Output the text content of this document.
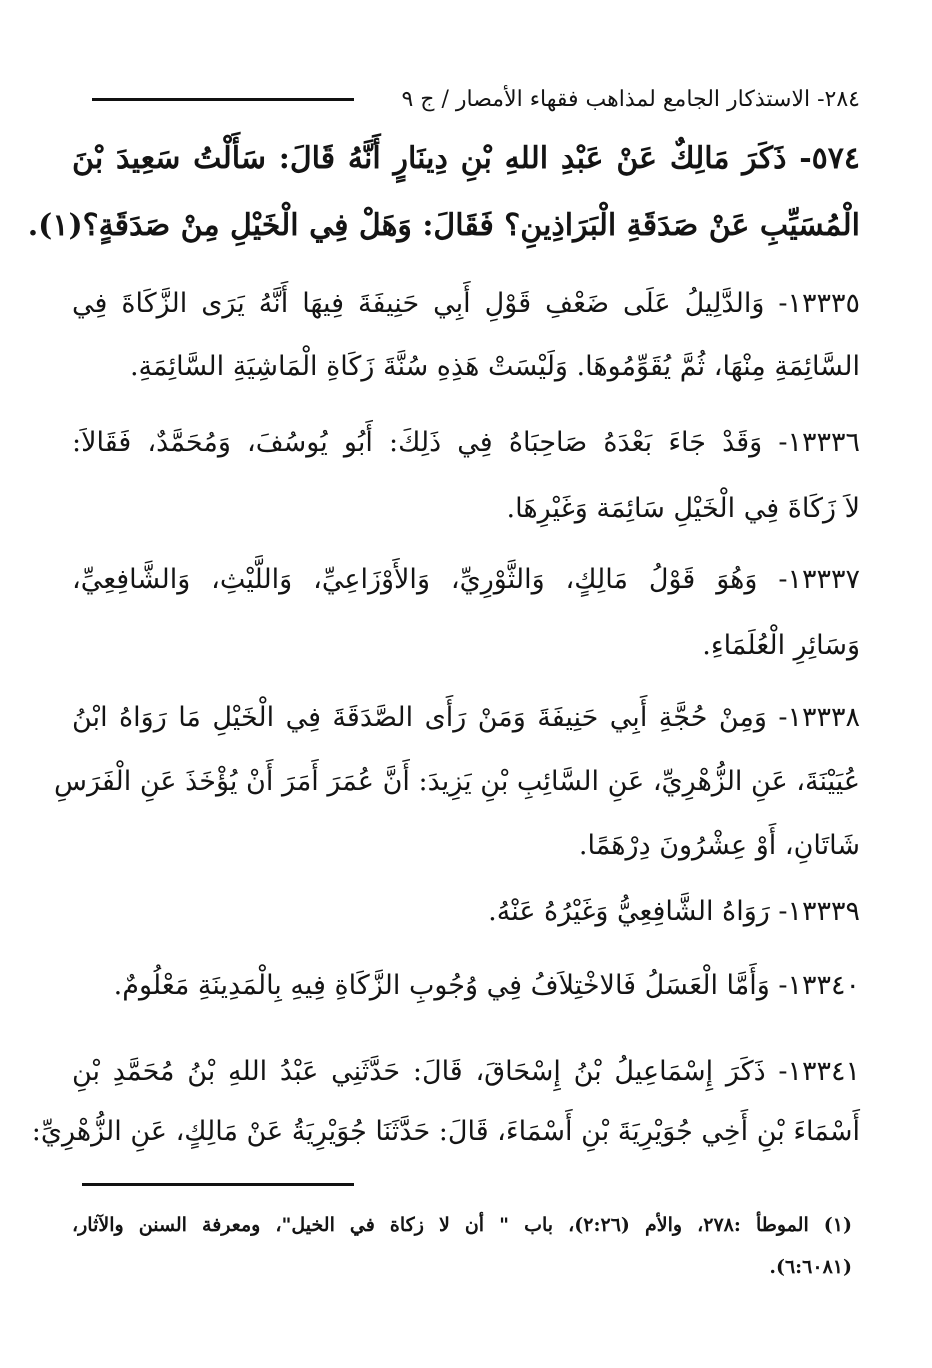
٢٨٤- الاستذكار الجامع لمذاهب فقهاء الأمصار / ج ٩
٥٧٤- ذَكَرَ مَالِكٌ عَنْ عَبْدِ اللهِ بْنِ دِينَارٍ أَنَّهُ قَالَ: سَأَلْتُ سَعِيدَ بْنَ
الْمُسَيِّبِ عَنْ صَدَقَةِ الْبَرَاذِينِ؟ فَقَالَ: وَهَلْ فِي الْخَيْلِ مِنْ صَدَقَةٍ؟(١).
١٣٣٣٥- وَالدَّلِيلُ عَلَى ضَعْفِ قَوْلِ أَبِي حَنِيفَةَ فِيهَا أَنَّهُ يَرَى الزَّكَاةَ فِي
السَّائِمَةِ مِنْهَا، ثُمَّ يُقَوِّمُوهَا. وَلَيْسَتْ هَذِهِ سُنَّةَ زَكَاةِ الْمَاشِيَةِ السَّائِمَةِ.
١٣٣٣٦- وَقَدْ جَاءَ بَعْدَهُ صَاحِبَاهُ فِي ذَلِكَ: أَبُو يُوسُفَ، وَمُحَمَّدٌ، فَقَالاَ:
لاَ زَكَاةَ فِي الْخَيْلِ سَائِمَة وَغَيْرِهَا.
١٣٣٣٧- وَهُوَ قَوْلُ مَالِكٍ، وَالثَّوْرِيِّ، وَالأَوْزَاعِيِّ، وَاللَّيْثِ، وَالشَّافِعِيِّ،
وَسَائِرِ الْعُلَمَاءِ.
١٣٣٣٨- وَمِنْ حُجَّةِ أَبِي حَنِيفَةَ وَمَنْ رَأَى الصَّدَقَةَ فِي الْخَيْلِ مَا رَوَاهُ ابْنُ
عُيَيْنَةَ، عَنِ الزُّهْرِيِّ، عَنِ السَّائِبِ بْنِ يَزِيدَ: أَنَّ عُمَرَ أَمَرَ أَنْ يُؤْخَذَ عَنِ الْفَرَسِ
شَاتَانِ، أَوْ عِشْرُونَ دِرْهَمًا.
١٣٣٣٩- رَوَاهُ الشَّافِعِيُّ وَغَيْرُهُ عَنْهُ.
١٣٣٤٠- وَأَمَّا الْعَسَلُ فَالاخْتِلاَفُ فِي وُجُوبِ الزَّكَاةِ فِيهِ بِالْمَدِينَةِ مَعْلُومٌ.
١٣٣٤١- ذَكَرَ إِسْمَاعِيلُ بْنُ إِسْحَاقَ، قَالَ: حَدَّثَنِي عَبْدُ اللهِ بْنُ مُحَمَّدِ بْنِ
أَسْمَاءَ بْنِ أَخِي جُوَيْرِيَةَ بْنِ أَسْمَاءَ، قَالَ: حَدَّثَنَا جُوَيْرِيَةُ عَنْ مَالِكٍ، عَنِ الزُّهْرِيِّ:
(١) الموطأ :٢٧٨، والأم (٢:٢٦)، باب " أن لا زكاة في الخيل"، ومعرفة السنن والآثار،
(٦:٦٠٨١).
